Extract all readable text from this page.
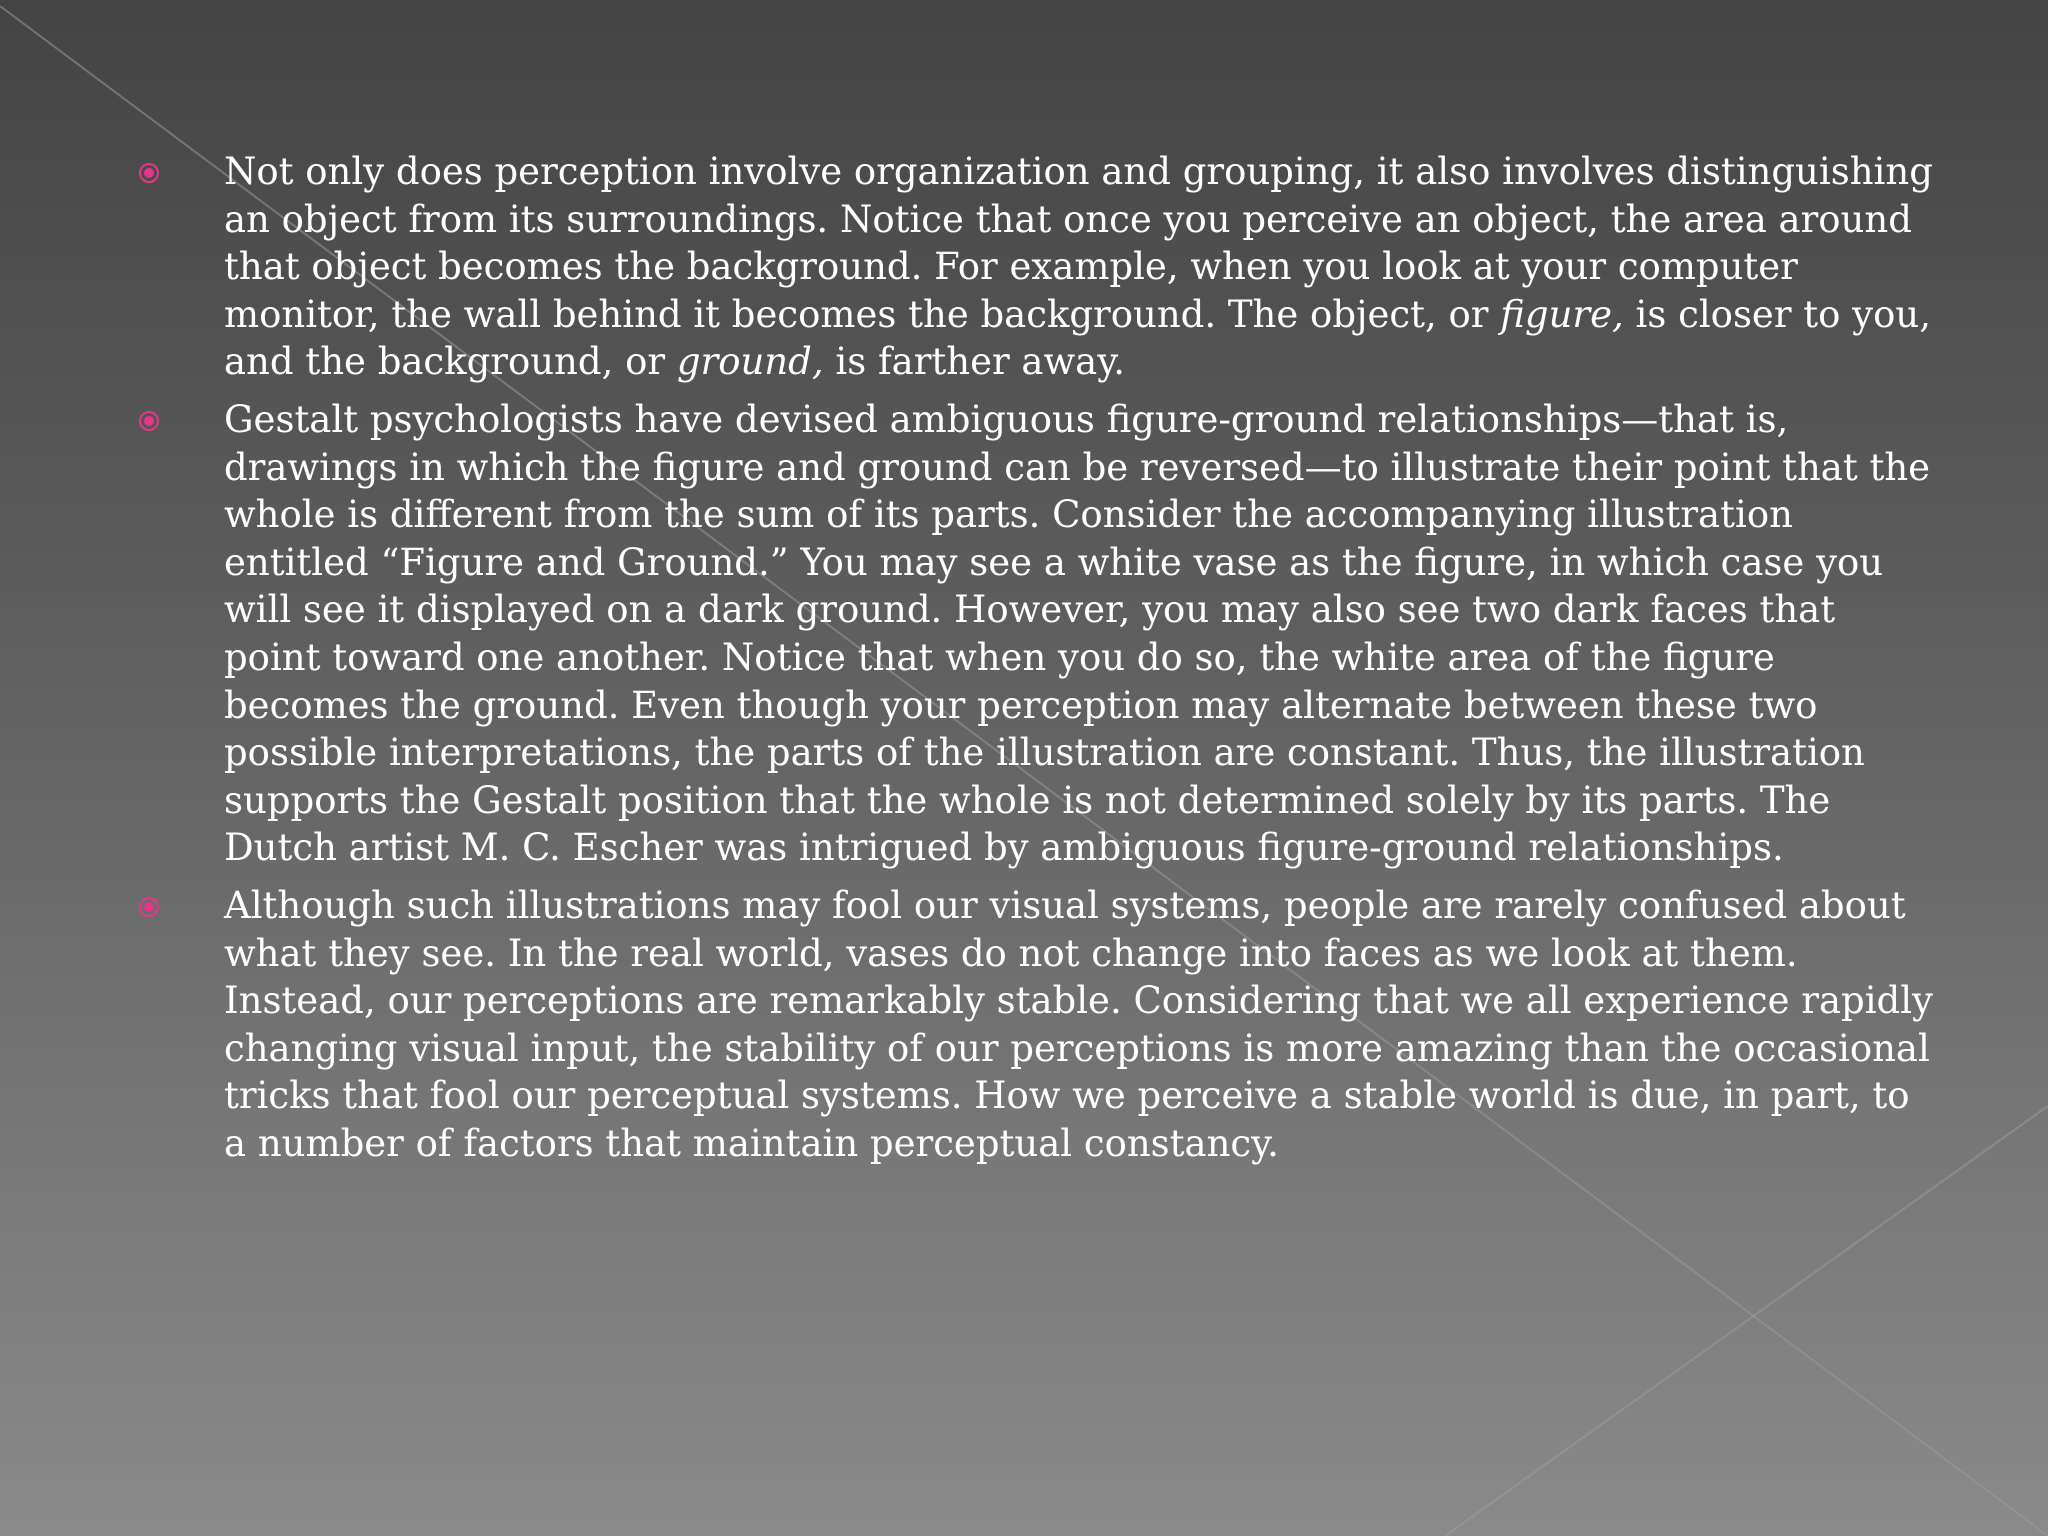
Not only does perception involve organization and grouping, it also involves distinguishing an object from its surroundings. Notice that once you perceive an object, the area around that object becomes the background. For example, when you look at your computer monitor, the wall behind it becomes the background. The object, or figure, is closer to you, and the background, or ground, is farther away.

Gestalt psychologists have devised ambiguous figure-ground relationships—that is, drawings in which the figure and ground can be reversed—to illustrate their point that the whole is different from the sum of its parts. Consider the accompanying illustration entitled “Figure and Ground.” You may see a white vase as the figure, in which case you will see it displayed on a dark ground. However, you may also see two dark faces that point toward one another. Notice that when you do so, the white area of the figure becomes the ground. Even though your perception may alternate between these two possible interpretations, the parts of the illustration are constant. Thus, the illustration supports the Gestalt position that the whole is not determined solely by its parts. The Dutch artist M. C. Escher was intrigued by ambiguous figure-ground relationships.

Although such illustrations may fool our visual systems, people are rarely confused about what they see. In the real world, vases do not change into faces as we look at them. Instead, our perceptions are remarkably stable. Considering that we all experience rapidly changing visual input, the stability of our perceptions is more amazing than the occasional tricks that fool our perceptual systems. How we perceive a stable world is due, in part, to a number of factors that maintain perceptual constancy.
